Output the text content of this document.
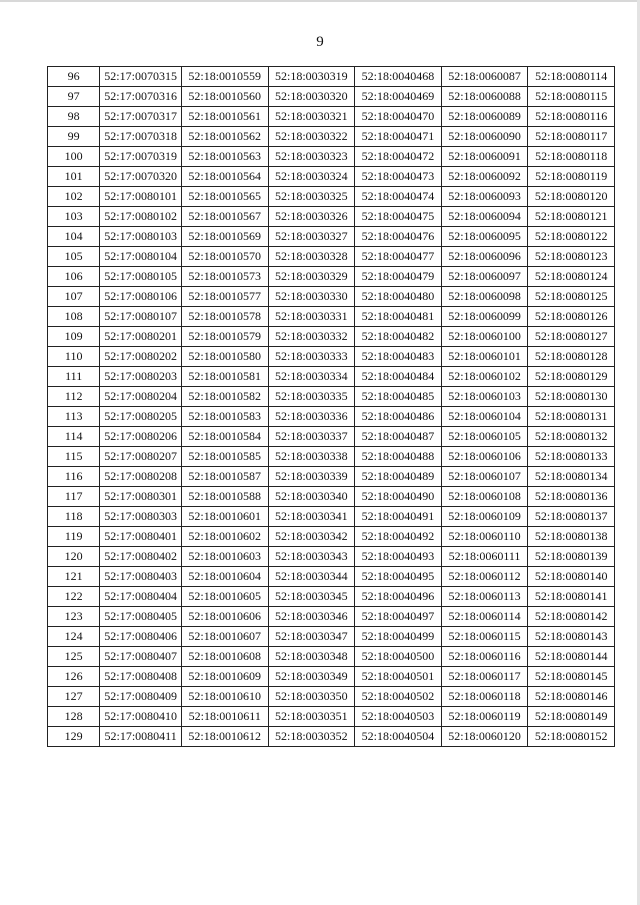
9
96	52:17:0070315	52:18:0010559	52:18:0030319	52:18:0040468	52:18:0060087	52:18:0080114
97	52:17:0070316	52:18:0010560	52:18:0030320	52:18:0040469	52:18:0060088	52:18:0080115
98	52:17:0070317	52:18:0010561	52:18:0030321	52:18:0040470	52:18:0060089	52:18:0080116
99	52:17:0070318	52:18:0010562	52:18:0030322	52:18:0040471	52:18:0060090	52:18:0080117
100	52:17:0070319	52:18:0010563	52:18:0030323	52:18:0040472	52:18:0060091	52:18:0080118
101	52:17:0070320	52:18:0010564	52:18:0030324	52:18:0040473	52:18:0060092	52:18:0080119
102	52:17:0080101	52:18:0010565	52:18:0030325	52:18:0040474	52:18:0060093	52:18:0080120
103	52:17:0080102	52:18:0010567	52:18:0030326	52:18:0040475	52:18:0060094	52:18:0080121
104	52:17:0080103	52:18:0010569	52:18:0030327	52:18:0040476	52:18:0060095	52:18:0080122
105	52:17:0080104	52:18:0010570	52:18:0030328	52:18:0040477	52:18:0060096	52:18:0080123
106	52:17:0080105	52:18:0010573	52:18:0030329	52:18:0040479	52:18:0060097	52:18:0080124
107	52:17:0080106	52:18:0010577	52:18:0030330	52:18:0040480	52:18:0060098	52:18:0080125
108	52:17:0080107	52:18:0010578	52:18:0030331	52:18:0040481	52:18:0060099	52:18:0080126
109	52:17:0080201	52:18:0010579	52:18:0030332	52:18:0040482	52:18:0060100	52:18:0080127
110	52:17:0080202	52:18:0010580	52:18:0030333	52:18:0040483	52:18:0060101	52:18:0080128
111	52:17:0080203	52:18:0010581	52:18:0030334	52:18:0040484	52:18:0060102	52:18:0080129
112	52:17:0080204	52:18:0010582	52:18:0030335	52:18:0040485	52:18:0060103	52:18:0080130
113	52:17:0080205	52:18:0010583	52:18:0030336	52:18:0040486	52:18:0060104	52:18:0080131
114	52:17:0080206	52:18:0010584	52:18:0030337	52:18:0040487	52:18:0060105	52:18:0080132
115	52:17:0080207	52:18:0010585	52:18:0030338	52:18:0040488	52:18:0060106	52:18:0080133
116	52:17:0080208	52:18:0010587	52:18:0030339	52:18:0040489	52:18:0060107	52:18:0080134
117	52:17:0080301	52:18:0010588	52:18:0030340	52:18:0040490	52:18:0060108	52:18:0080136
118	52:17:0080303	52:18:0010601	52:18:0030341	52:18:0040491	52:18:0060109	52:18:0080137
119	52:17:0080401	52:18:0010602	52:18:0030342	52:18:0040492	52:18:0060110	52:18:0080138
120	52:17:0080402	52:18:0010603	52:18:0030343	52:18:0040493	52:18:0060111	52:18:0080139
121	52:17:0080403	52:18:0010604	52:18:0030344	52:18:0040495	52:18:0060112	52:18:0080140
122	52:17:0080404	52:18:0010605	52:18:0030345	52:18:0040496	52:18:0060113	52:18:0080141
123	52:17:0080405	52:18:0010606	52:18:0030346	52:18:0040497	52:18:0060114	52:18:0080142
124	52:17:0080406	52:18:0010607	52:18:0030347	52:18:0040499	52:18:0060115	52:18:0080143
125	52:17:0080407	52:18:0010608	52:18:0030348	52:18:0040500	52:18:0060116	52:18:0080144
126	52:17:0080408	52:18:0010609	52:18:0030349	52:18:0040501	52:18:0060117	52:18:0080145
127	52:17:0080409	52:18:0010610	52:18:0030350	52:18:0040502	52:18:0060118	52:18:0080146
128	52:17:0080410	52:18:0010611	52:18:0030351	52:18:0040503	52:18:0060119	52:18:0080149
129	52:17:0080411	52:18:0010612	52:18:0030352	52:18:0040504	52:18:0060120	52:18:0080152
